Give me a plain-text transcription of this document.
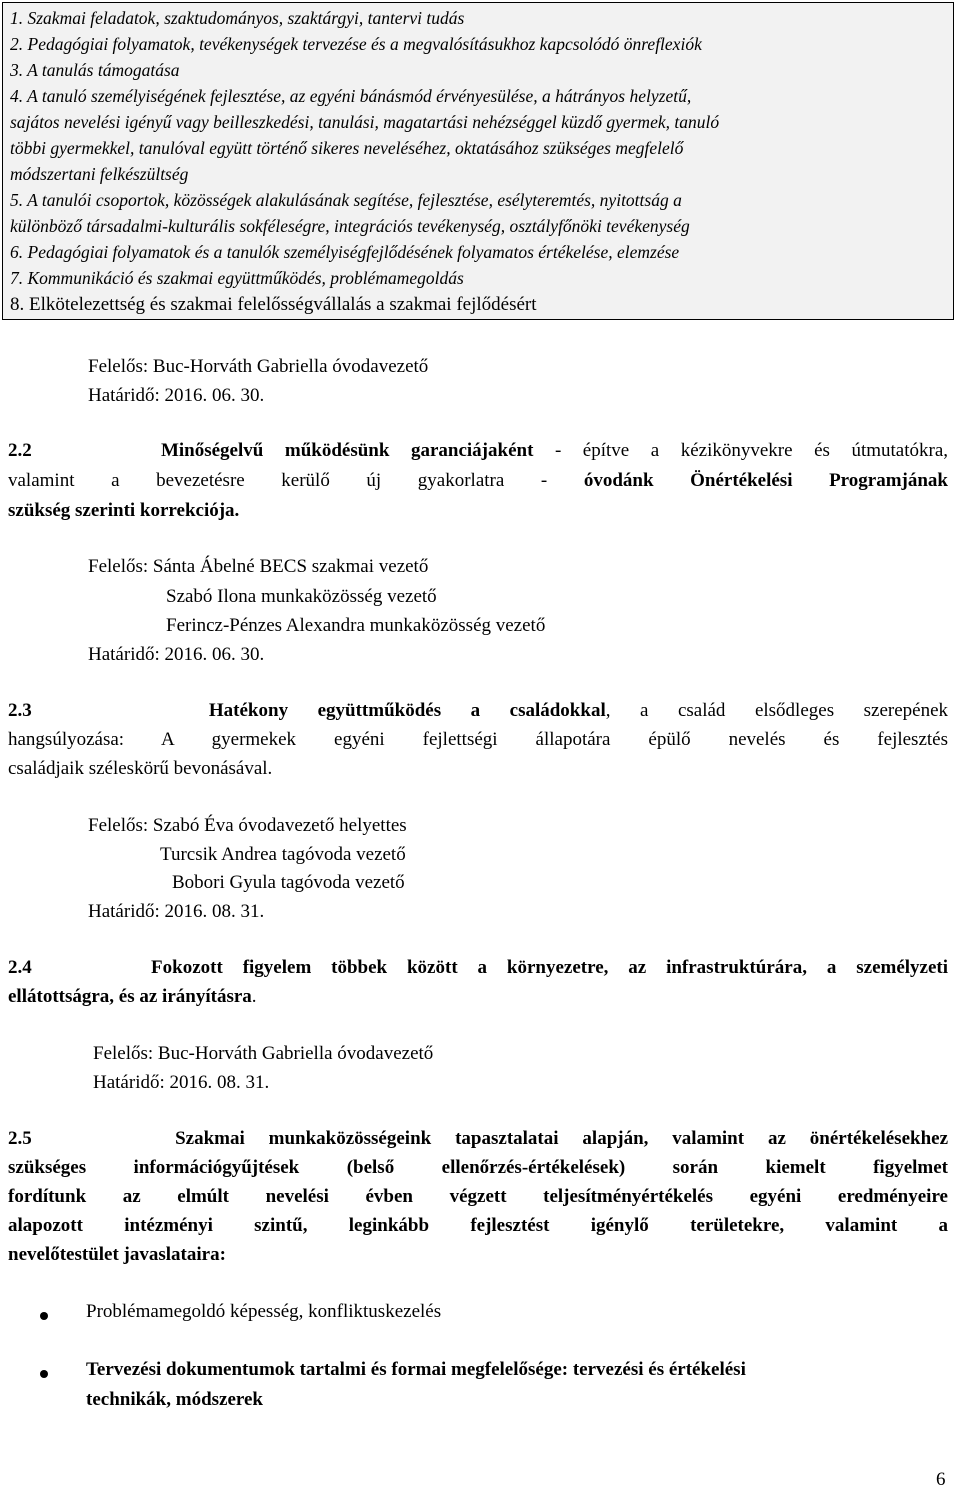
1. Szakmai feladatok, szaktudományos, szaktárgyi, tantervi tudás
2. Pedagógiai folyamatok, tevékenységek tervezése és a megvalósításukhoz kapcsolódó önreflexiók
3. A tanulás támogatása
4. A tanuló személyiségének fejlesztése, az egyéni bánásmód érvényesülése, a hátrányos helyzetű,
sajátos nevelési igényű vagy beilleszkedési, tanulási, magatartási nehézséggel küzdő gyermek, tanuló
többi gyermekkel, tanulóval együtt történő sikeres neveléséhez, oktatásához szükséges megfelelő
módszertani felkészültség
5. A tanulói csoportok, közösségek alakulásának segítése, fejlesztése, esélyteremtés, nyitottság a
különböző társadalmi-kulturális sokféleségre, integrációs tevékenység, osztályfőnöki tevékenység
6. Pedagógiai folyamatok és a tanulók személyiségfejlődésének folyamatos értékelése, elemzése
7. Kommunikáció és szakmai együttműködés, problémamegoldás
8. Elkötelezettség és szakmai felelősségvállalás a szakmai fejlődésért
Felelős: Buc-Horváth Gabriella óvodavezető
Határidő: 2016. 06. 30.
2.2	Minőségelvű működésünk garanciájaként - építve a kézikönyvekre és útmutatókra,
valamint a bevezetésre kerülő új gyakorlatra - óvodánk Önértékelési Programjának
szükség szerinti korrekciója.
Felelős: Sánta Ábelné BECS szakmai vezető
Szabó Ilona munkaközösség vezető
Ferincz-Pénzes Alexandra munkaközösség vezető
Határidő: 2016. 06. 30.
2.3	Hatékony együttműködés a családokkal, a család elsődleges szerepének
hangsúlyozása: A gyermekek egyéni fejlettségi állapotára épülő nevelés és fejlesztés
családjaik széleskörű bevonásával.
Felelős: Szabó Éva óvodavezető helyettes
Turcsik Andrea tagóvoda vezető
Bobori Gyula tagóvoda vezető
Határidő: 2016. 08. 31.
2.4	Fokozott figyelem többek között a környezetre, az infrastruktúrára, a személyzeti
ellátottságra, és az irányításra.
Felelős: Buc-Horváth Gabriella óvodavezető
Határidő: 2016. 08. 31.
2.5	Szakmai munkaközösségeink tapasztalatai alapján, valamint az önértékelésekhez
szükséges információgyűjtések (belső ellenőrzés-értékelések) során kiemelt figyelmet
fordítunk az elmúlt nevelési évben végzett teljesítményértékelés egyéni eredményeire
alapozott intézményi szintű, leginkább fejlesztést igénylő területekre, valamint a
nevelőtestület javaslataira:
Problémamegoldó képesség, konfliktuskezelés
Tervezési dokumentumok tartalmi és formai megfelelősége: tervezési és értékelési
technikák, módszerek
6
